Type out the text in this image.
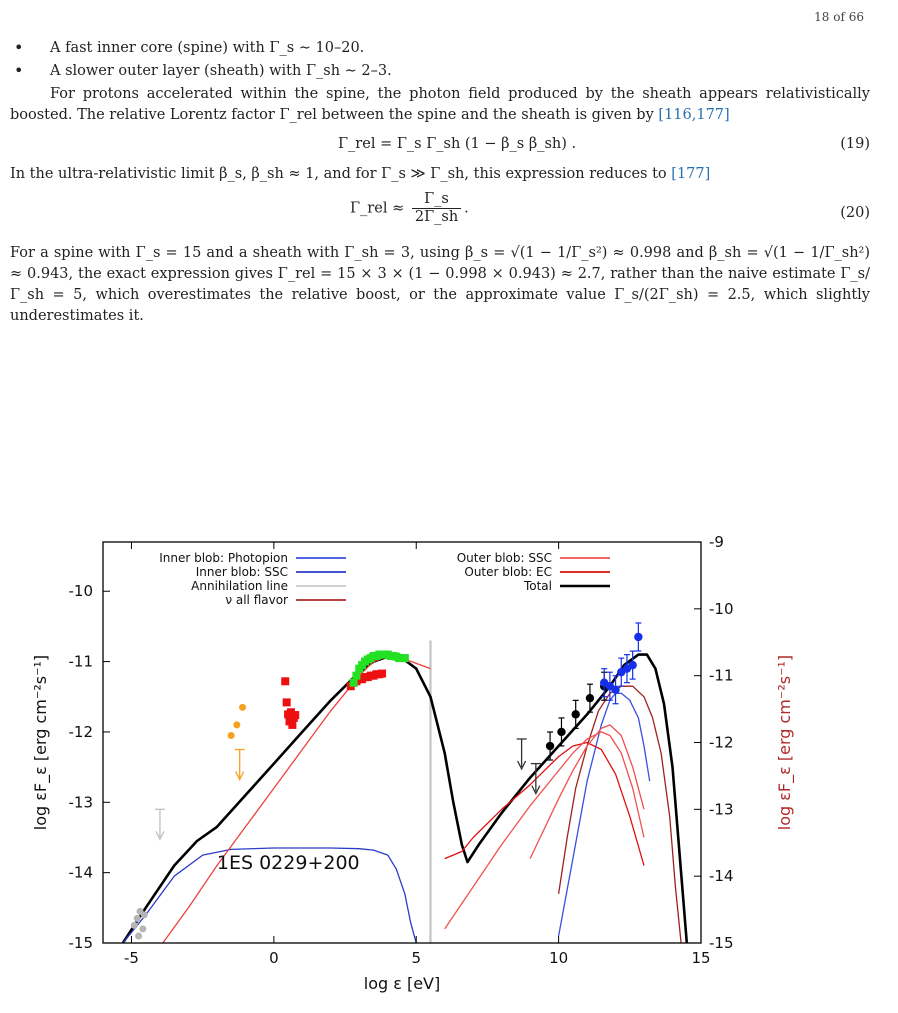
18 of 66
• A fast inner core (spine) with Γ_s ∼ 10–20.
• A slower outer layer (sheath) with Γ_sh ∼ 2–3.

For protons accelerated within the spine, the photon field produced by the sheath appears relativistically boosted. The relative Lorentz factor Γ_rel between the spine and the sheath is given by [116,177]

Γ_rel = Γ_s Γ_sh (1 − β_s β_sh) .	(19)

In the ultra-relativistic limit β_s, β_sh ≈ 1, and for Γ_s ≫ Γ_sh, this expression reduces to [177]

Γ_rel ≈ $\frac{\Gamma\_s}{2\Gamma\_sh}$ .	(20)

For a spine with Γ_s = 15 and a sheath with Γ_sh = 3, using β_s = √(1 − 1/Γ_s²) ≈ 0.998 and β_sh = √(1 − 1/Γ_sh²) ≈ 0.943, the exact expression gives Γ_rel = 15 × 3 × (1 − 0.998 × 0.943) ≈ 2.7, rather than the naive estimate Γ_s/Γ_sh = 5, which overestimates the relative boost, or the approximate value Γ_s/(2Γ_sh) = 2.5, which slightly underestimates it.

1ES 0229+200
-5	0	5	10	15
-15
-14
-13
-12
-11
-10
-15
-14
-13
-12
-11
-10
-9
log ε [eV]
log εF_ε [erg cm⁻²s⁻¹]	log εF_ε [erg cm⁻²s⁻¹]
Inner blob: Photopion
Inner blob: SSC
Annihilation line
ν all flavor
Outer blob: SSC
Outer blob: EC
Total
